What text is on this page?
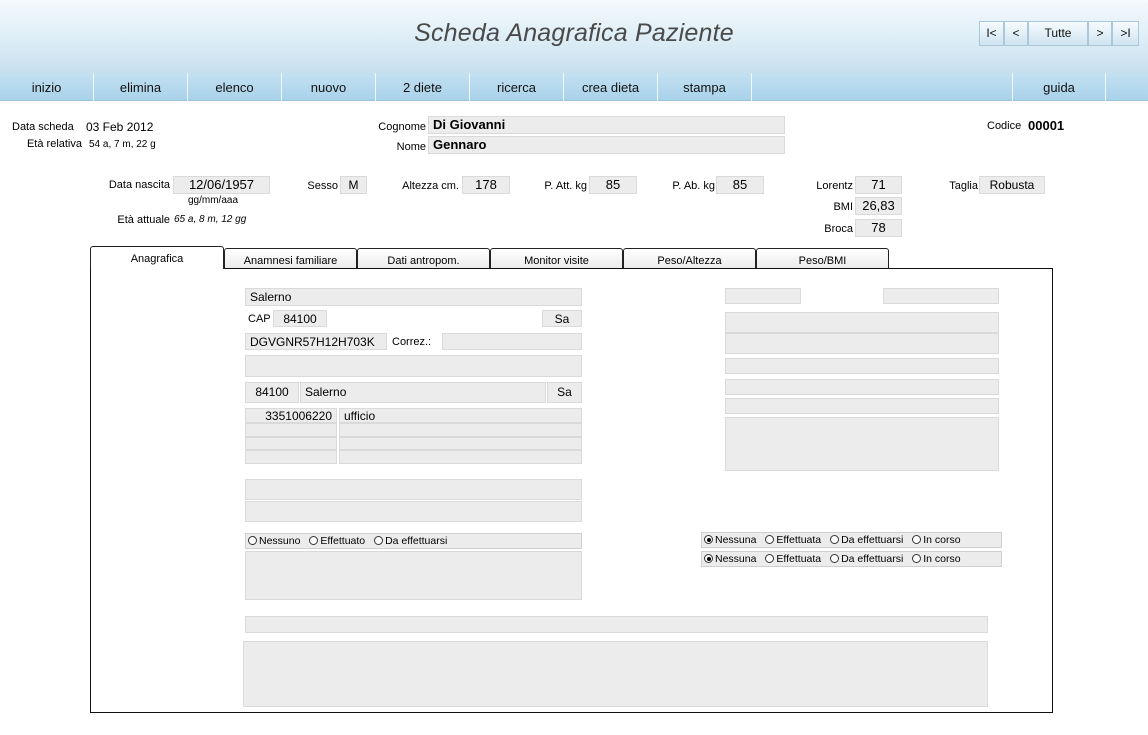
Scheda Anagrafica Paziente	I<	<	Tutte	>	>I
inizio	elimina	elenco	nuovo	2 diete	ricerca	crea dieta	stampa	guida
Data scheda 03 Feb 2012
Età relativa 54 a, 7 m, 22 g
Cognome Di Giovanni
Nome Gennaro
Codice 00001
Data nascita	12/06/1957
gg/mm/aaa
Età attuale 65 a, 8 m, 12 gg
Sesso M	Altezza cm.	178	P. Att. kg	85	P. Ab. kg	85	Lorentz	71
BMI 26,83
Broca	78
Taglia Robusta
Anagrafica	Anamnesi familiare	Dati antropom.	Monitor visite	Peso/Altezza	Peso/BMI
Salerno
CAP	84100	Sa
DGVGNR57H12H703K	Correz.:
84100	Salerno	Sa
3351006220	ufficio
Nessuno Effettuato Da effettuarsi	Nessuna Effettuata Da effettuarsi In corso
Nessuna Effettuata Da effettuarsi In corso
